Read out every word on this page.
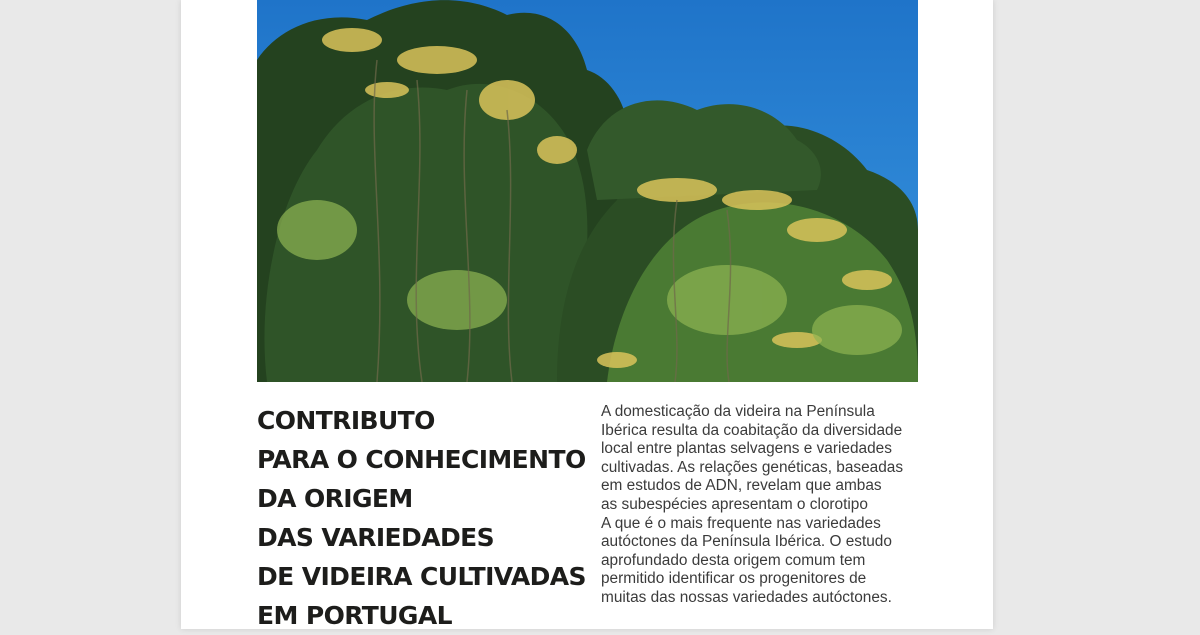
CONTRIBUTO
PARA O CONHECIMENTO
DA ORIGEM
DAS VARIEDADES
DE VIDEIRA CULTIVADAS
EM PORTUGAL
A domesticação da videira na Península
Ibérica resulta da coabitação da diversidade
local entre plantas selvagens e variedades
cultivadas. As relações genéticas, baseadas
em estudos de ADN, revelam que ambas
as subespécies apresentam o clorotipo
A que é o mais frequente nas variedades
autóctones da Península Ibérica. O estudo
aprofundado desta origem comum tem
permitido identificar os progenitores de
muitas das nossas variedades autóctones.
